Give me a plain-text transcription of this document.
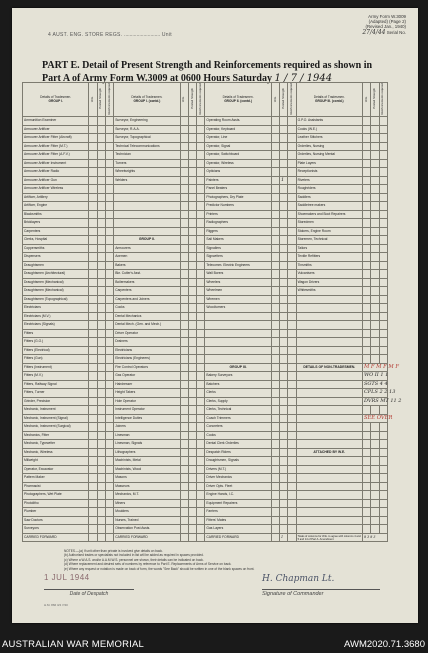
Army Form W.3009
(Adapted) (Page 2)
(Revised Jan., 1940)
27/4/44 Serial No.
4 AUST. ENG. STORE REGS. .......................... Unit
PART E. Detail of Present Strength and Reinforcements required as shown in
Part A of Army Form W.3009 at 0600 Hours Saturday 1 / 7 / 1944
Details of Tradesmen.
GROUP I.	W.E.	Posted Strength	Reinforcements required	Details of Tradesmen.
GROUP I. (contd.)	W.E.	Posted Strength	Reinforcements required	Details of Tradesmen.
GROUP II. (contd.)	W.E.	Posted Strength	Reinforcements required	Details of Tradesmen.
GROUP III. (contd.)	W.E.	Posted Strength	Reinforcements required
Ammunition Examiner				Surveyor, Engineering				Operating Room Assts.				G.P.O. Assistants			
Armourer Artificer				Surveyor, R.A.A.				Operator, Keyboard				Cooks (W.E.)			
Armourer Artificer Fitter (Aircraft)				Surveyor, Topographical				Operator, Line				Leather Stitchers			
Armourer Artificer Fitter (M.T.)				Technical Telecommunications				Operator, Signal				Orderlies, Nursing			
Armourer Artificer Fitter (A.F.V.)				Technician				Operator, Switchboard				Orderlies, Nursing Mental			
Armourer Artificer Instrument				Turners				Operator, Wireless				Plate Layers			
Armourer Artificer Radio				Wheelwrights				Opticians				Receptionists			
Armourer Artificer Gun				Welders				Painters		1		Riveters			
Armourer Artificer Wireless								Panel Beaters				Roughriders			
Artificer, Artillery								Photographers, Dry Plate				Saddlers			
Artificer, Engine								Predictor Numbers				Saddletree makers			
Blacksmiths								Printers				Shoemakers and Boot Repairers			
Bricklayers								Radiographers				Storedmen			
Carpenters								Riggers				Stokers, Engine Room			
Clerks, Hospital				GROUP II.				Sail Makers				Storemen, Technical			
Coppersmiths				Armourers				Signallers				Tailors			
Dispensers				Axemen				Signwriters				Textile Refitters			
Draughtsmen				Bakers				Telecomm. Electric Engineers				Tinsmiths			
Draughtsmen (Architectural)				Bkr. Cutler's Asst.				Wall Borers				Vulcanisers			
Draughtsmen (Mechanical)				Boilermakers				Wheelers				Wagon Drivers			
Draughtsmen (Mechanical)				Carpenters				Wheelmen				Whitesmiths			
Draughtsmen (Topographical)				Carpenters and Joiners				Wiremen							
Electricians				Cooks				Woodturners							
Electricians (M.V.)				Dental Mechanics											
Electricians (Signals)				Dental Mech. (Gen. and Mech.)											
Fitters				Driver Operator											
Fitters (G.O.)				Drainers											
Fitters (Electrical)				Electricians											
Fitters (Gun)				Electricians (Engineers)											
Fitters (Instrument)				Fire Control Operators				GROUP III.				DETAILS OF NON-TRADESMEN.	M F M F M F		
Fitters (M.V.)				Gas Operator				Bakery Surveyors					WO II 1 1		
Fitters, Railway Signal				Hairdresser				Batchers					SGTS 4 4		
Fitters, Turner				Height Takers				Clerks					CPLS 2 2 13		
Grinder, Precision				Hole Operator				Clerks, Supply					DVRS MT 11 2		
Mechanic, Instrument				Instrument Operator				Clerks, Technical							
Mechanic, Instrument (Signal)				Intelligence Duties				Coach Trimmers					SEE OVER		
Mechanic, Instrument (Surgical)				Joiners				Concreters							
Mechanics, Fitter				Linesman				Cooks							
Mechanic, Typewriter				Linesman, Signals				Dental Clerk Orderlies							
Mechanic, Wireless				Lithographers				Despatch Riders				ATTACHED BY W.E.			
Millwright				Machinists, Metal				Draughtsmen, Signals							
Operator, Excavator				Machinists, Wood				Drivers (M.T.)							
Pattern Maker				Masons				Driver Mechanics							
Pharmacist				Masseurs				Driver Opts. Fleet							
Photographers, Wet Plate				Mechanics, M.T.				Engine Hands, I.C.							
Photolitho				Miners				Equipment Repairers							
Plumber				Moulders				Farriers							
Saw Doctors				Nurses, Trained				Fitters' Mates							
Surveyors				Observation Post Assts.				Gas Layers							
CARRIED FORWARD				CARRIED FORWARD				CARRIED FORWARD		1		Totals of columns for W.E. to agree with columns 4 and 5 and 14 of Part A. Amendment	8 3 8 3		
NOTES.—(a) If unit other than private is involved give details on back.
(b) Authorised trades or specialists not included in list will be added as required in spaces provided.
(c) Where a W.A.S. and/or A.A.M.W.S. personnel are shown, their details can be indicated on back.
(d) Where replacement and desired sets of numbers by reference to Part E. Replacements of Arms of Service on back.
(e) Where any request or notation is made on back of form, the words "See Back" should be written in one of the blank spaces on front.
1 JUL 1944
Date of Despatch
H.M. 866 3/4 7/40
H. Chapman Lt.
Signature of Commander
AUSTRALIAN WAR MEMORIAL	AWM2020.71.3680
